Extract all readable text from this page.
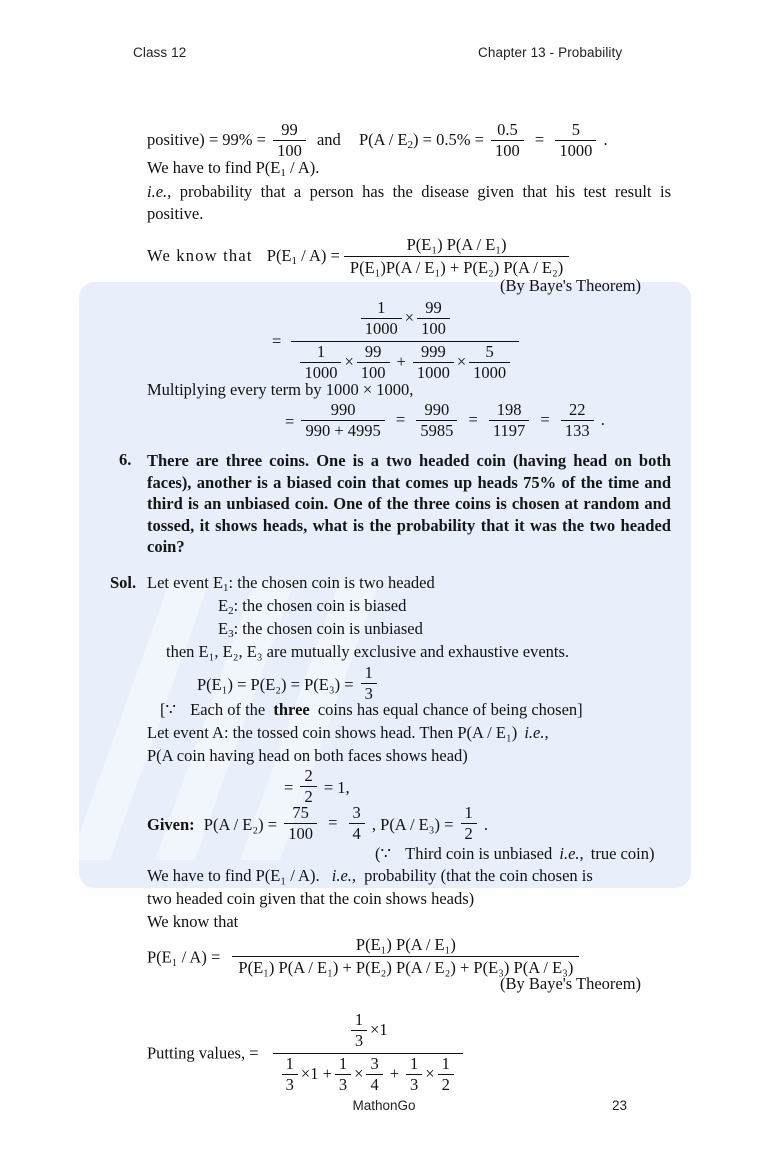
Class 12	Chapter 13 - Probability
positive) = $99\% = \frac{99}{100}$ and $P(A / E_2) = 0.5\% = \frac{0.5}{100} = \frac{5}{1000}$ .
We have to find $P(E_1 / A)$.
i.e., probability that a person has the disease given that his test result is positive.
We know that $P(E_1 / A) = \frac{\text{P(E₁) P(A / E₁)}}{\text{P(E₁)P(A / E₁) + P(E₂) P(A / E₂)}}$
(By Baye's Theorem)
= $\frac{\frac{1}{1000} \times \frac{99}{100}}{\frac{1}{1000} \times \frac{99}{100} + \frac{999}{1000} \times \frac{5}{1000}}$
Multiplying every term by 1000 × 1000,
= $\frac{990}{990 + 4995} = \frac{990}{5985} = \frac{198}{1197} = \frac{22}{133}$ .
6. There are three coins. One is a two headed coin (having head on both faces), another is a biased coin that comes up heads 75% of the time and third is an unbiased coin. One of the three coins is chosen at random and tossed, it shows heads, what is the probability that it was the two headed coin?
Sol. Let event $E_1$: the chosen coin is two headed
$E_2$: the chosen coin is biased
$E_3$: the chosen coin is unbiased
then E₁, E₂, E₃ are mutually exclusive and exhaustive events.
$P(E_1) = P(E_2) = P(E_3) = \frac{1}{3}$
[∵ Each of the three coins has equal chance of being chosen]
Let event A: the tossed coin shows head. Then P(A / E₁) i.e.,
P(A coin having head on both faces shows head)
= $\frac{2}{2} = 1$,
Given: $P(A / E_2) = \frac{75}{100} = \frac{3}{4}$ , $P(A / E_3) = \frac{1}{2}$ .
(∵ Third coin is unbiased i.e., true coin)
We have to find P(E₁ / A). i.e., probability (that the coin chosen is
two headed coin given that the coin shows heads)
We know that
$P(E_1 / A) = \frac{\text{P(E₁) P(A / E₁)}}{\text{P(E₁) P(A / E₁) + P(E₂) P(A / E₂) + P(E₃) P(A / E₃)}}$
(By Baye's Theorem)
Putting values, = $\frac{\frac{1}{3} \times 1}{\frac{1}{3} \times 1 + \frac{1}{3} \times \frac{3}{4} + \frac{1}{3} \times \frac{1}{2}}$
MathonGo	23
